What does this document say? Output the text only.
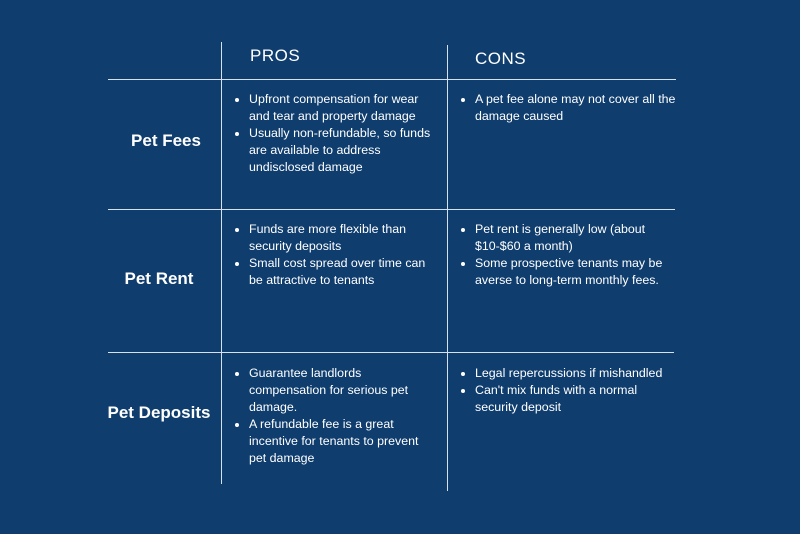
PROS	CONS
Pet Fees
Upfront compensation for wear and tear and property damage
Usually non-refundable, so funds are available to address undisclosed damage
A pet fee alone may not cover all the damage caused
Pet Rent
Funds are more flexible than security deposits
Small cost spread over time can be attractive to tenants
Pet rent is generally low (about $10-$60 a month)
Some prospective tenants may be averse to long-term monthly fees.
Pet Deposits
Guarantee landlords compensation for serious pet damage.
A refundable fee is a great incentive for tenants to prevent pet damage
Legal repercussions if mishandled
Can't mix funds with a normal security deposit
